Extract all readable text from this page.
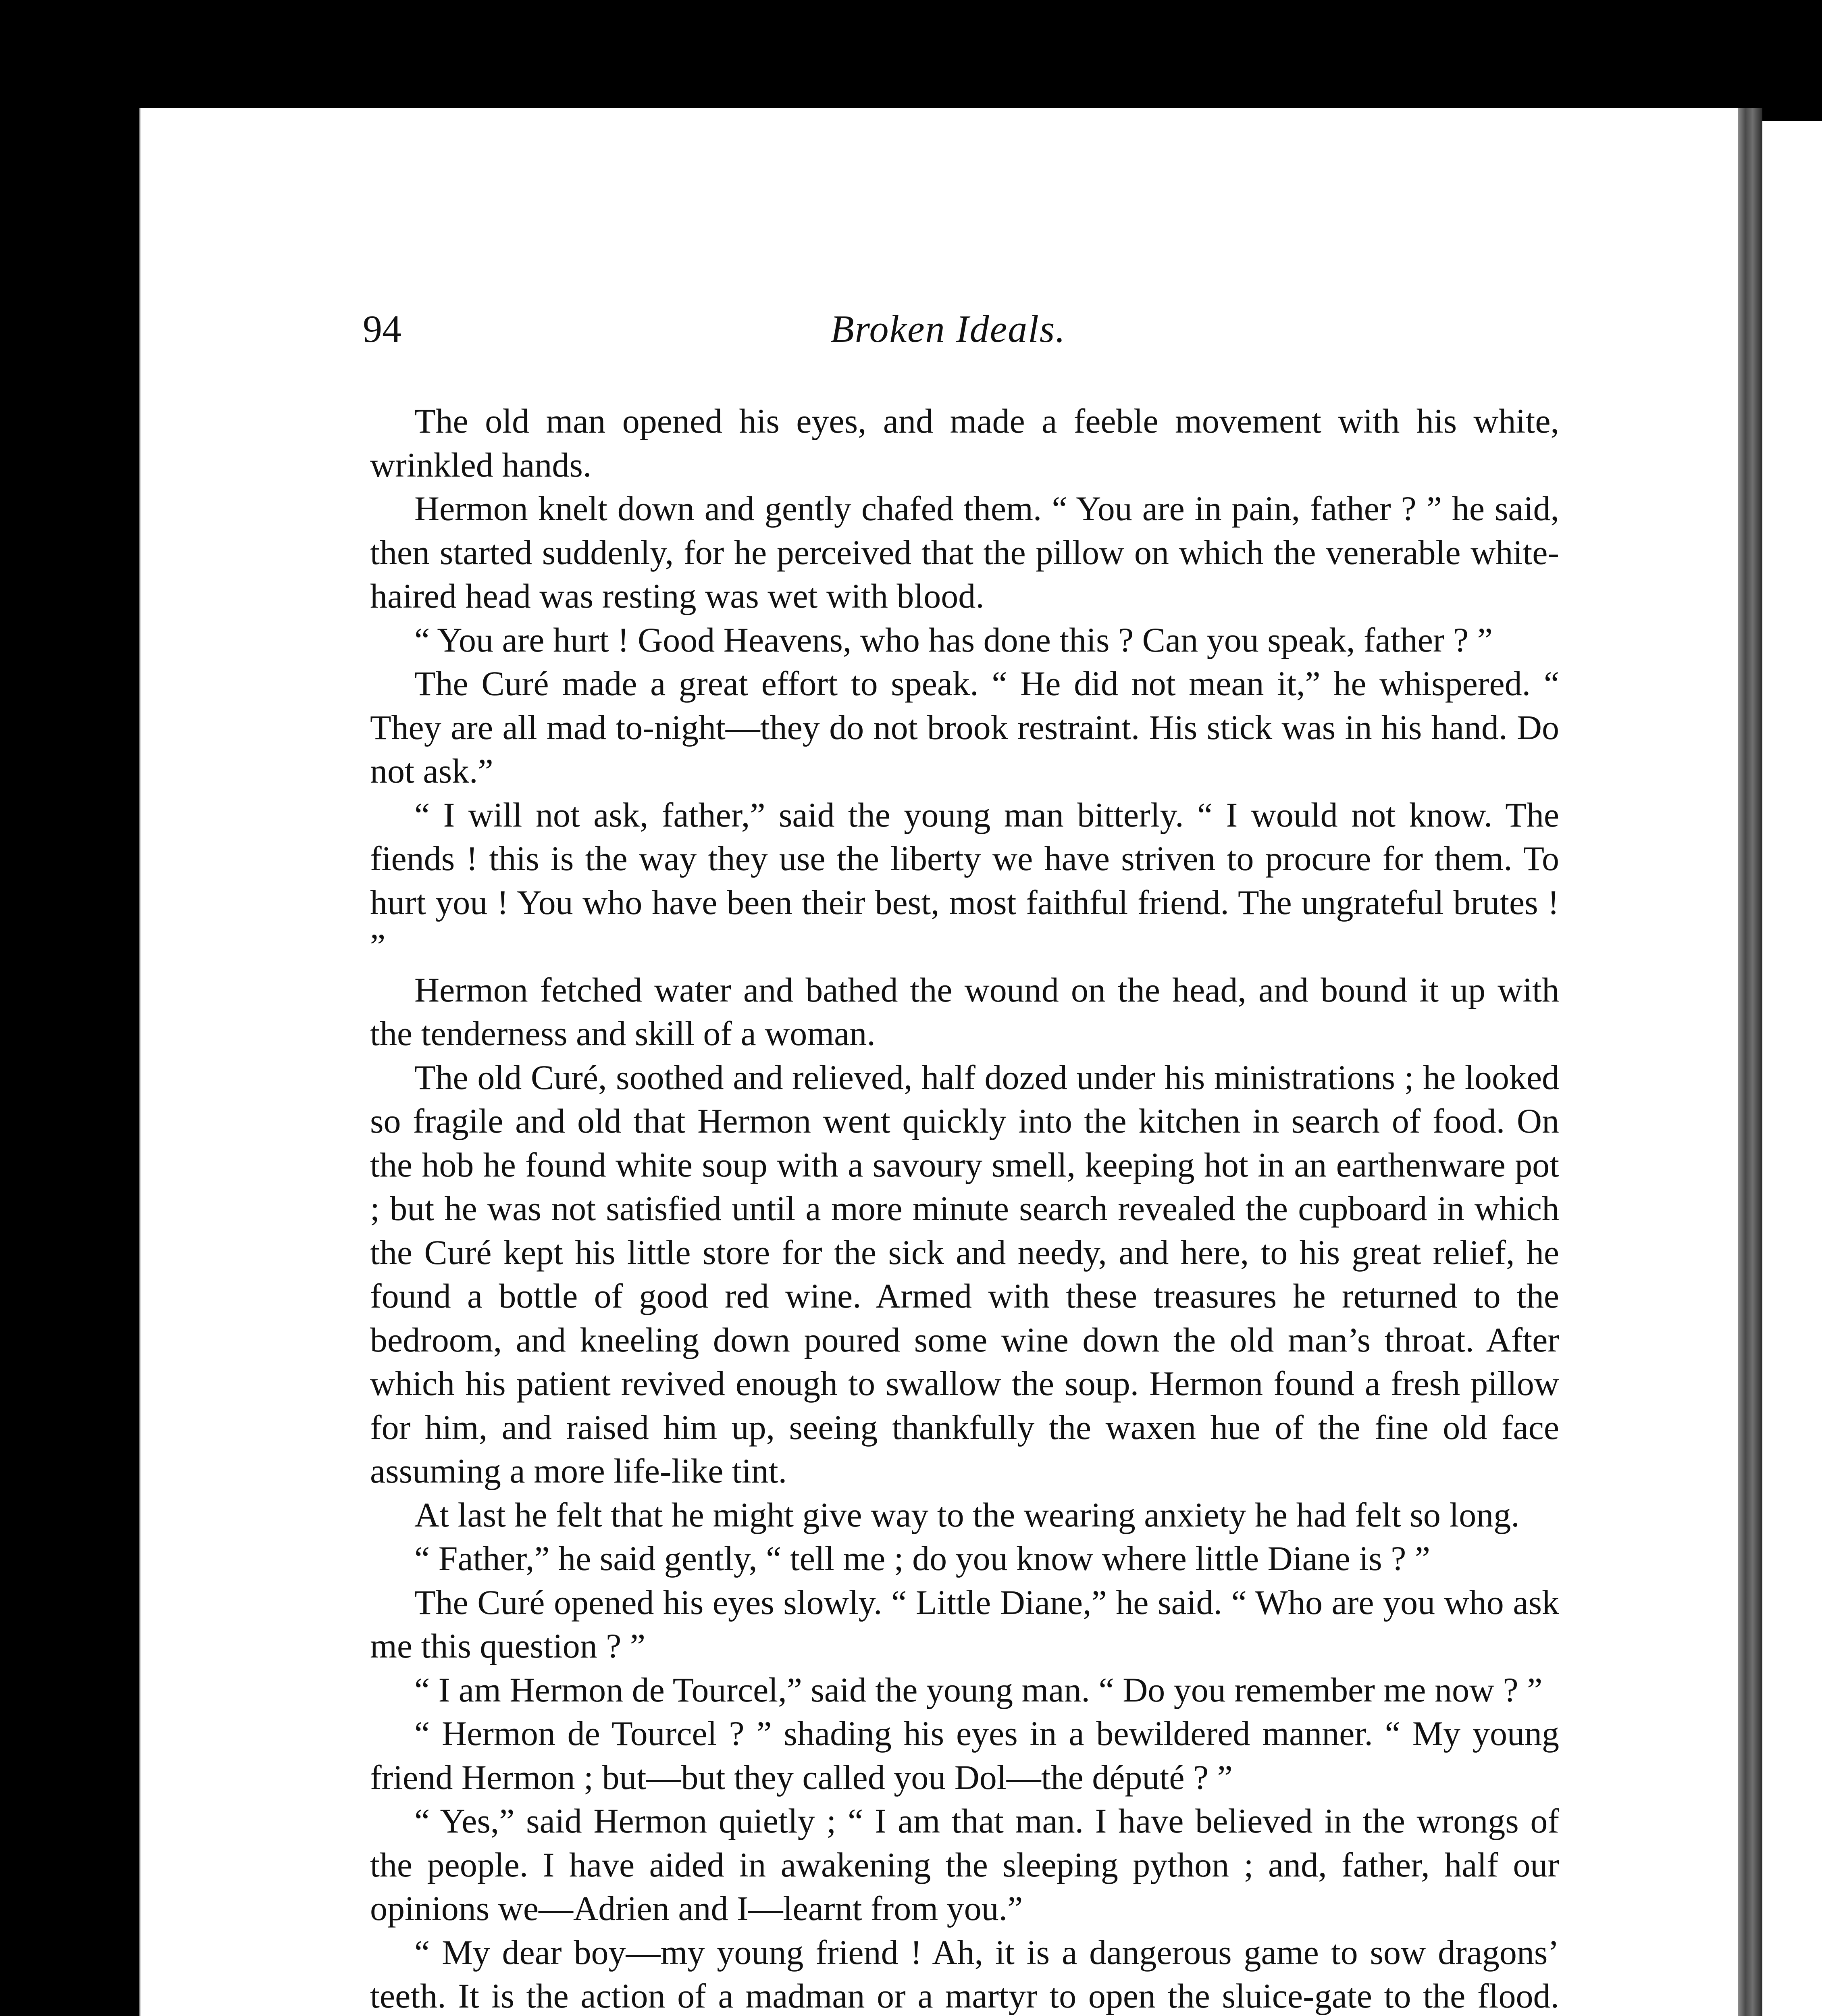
94	Broken Ideals.

The old man opened his eyes, and made a feeble movement with his white, wrinkled hands.

Hermon knelt down and gently chafed them. “ You are in pain, father ? ” he said, then started suddenly, for he perceived that the pillow on which the venerable white-haired head was resting was wet with blood.

“ You are hurt ! Good Heavens, who has done this ? Can you speak, father ? ”

The Curé made a great effort to speak. “ He did not mean it,” he whispered. “ They are all mad to-night—they do not brook restraint. His stick was in his hand. Do not ask.”

“ I will not ask, father,” said the young man bitterly. “ I would not know. The fiends ! this is the way they use the liberty we have striven to procure for them. To hurt you ! You who have been their best, most faithful friend. The ungrateful brutes ! ”

Hermon fetched water and bathed the wound on the head, and bound it up with the tenderness and skill of a woman.

The old Curé, soothed and relieved, half dozed under his ministrations ; he looked so fragile and old that Hermon went quickly into the kitchen in search of food. On the hob he found white soup with a savoury smell, keeping hot in an earthenware pot ; but he was not satisfied until a more minute search revealed the cupboard in which the Curé kept his little store for the sick and needy, and here, to his great relief, he found a bottle of good red wine. Armed with these treasures he returned to the bedroom, and kneeling down poured some wine down the old man’s throat. After which his patient revived enough to swallow the soup. Hermon found a fresh pillow for him, and raised him up, seeing thankfully the waxen hue of the fine old face assuming a more life-like tint.

At last he felt that he might give way to the wearing anxiety he had felt so long.

“ Father,” he said gently, “ tell me ; do you know where little Diane is ? ”

The Curé opened his eyes slowly. “ Little Diane,” he said. “ Who are you who ask me this question ? ”

“ I am Hermon de Tourcel,” said the young man. “ Do you remember me now ? ”

“ Hermon de Tourcel ? ” shading his eyes in a bewildered manner. “ My young friend Hermon ; but—but they called you Dol—the député ? ”

“ Yes,” said Hermon quietly ; “ I am that man. I have believed in the wrongs of the people. I have aided in awakening the sleeping python ; and, father, half our opinions we—Adrien and I—learnt from you.”

“ My dear boy—my young friend ! Ah, it is a dangerous game to sow dragons’ teeth. It is the action of a madman or a martyr to open the sluice-gate to the flood.
